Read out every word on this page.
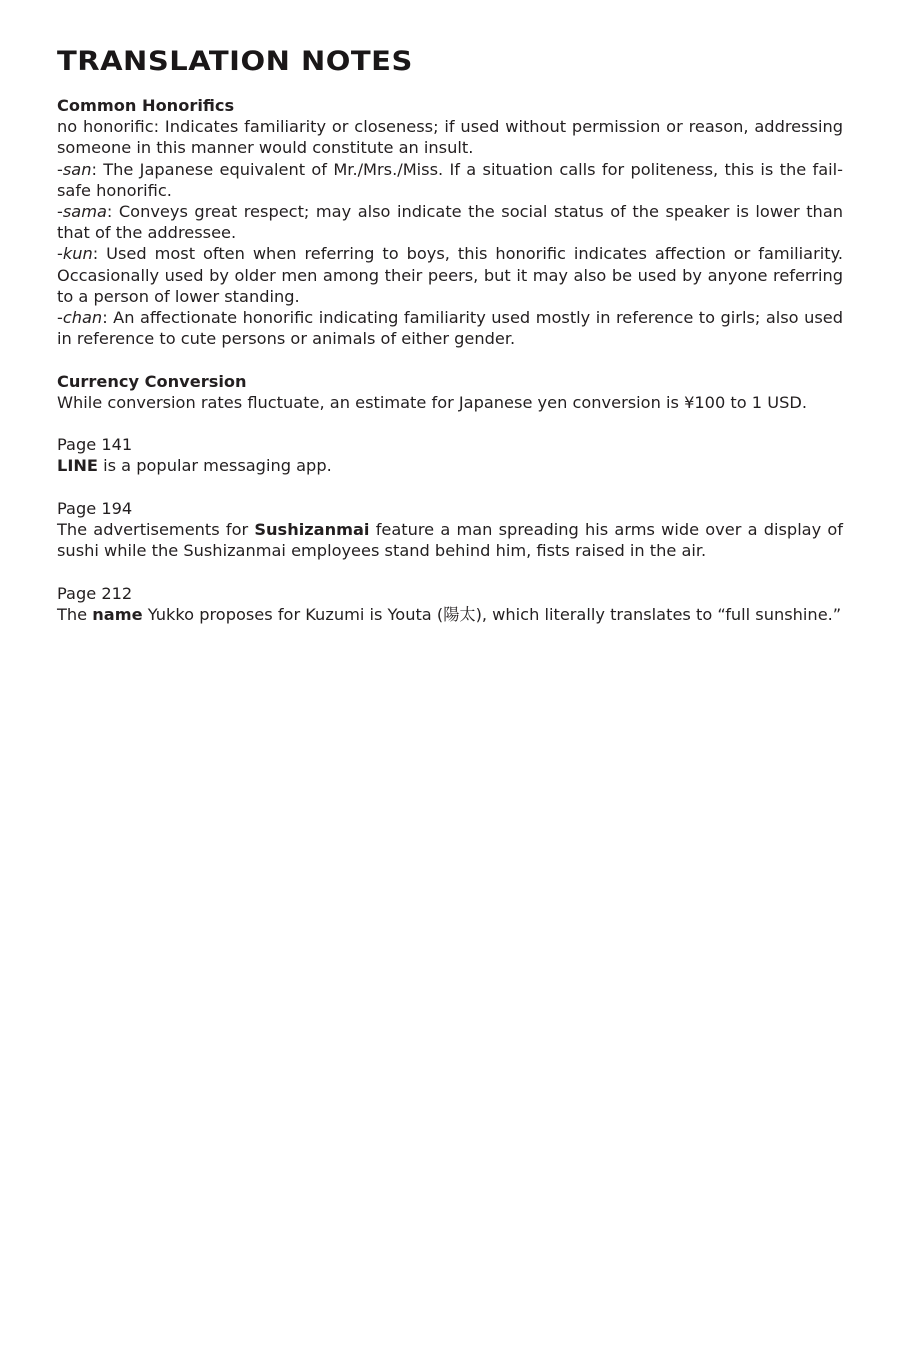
TRANSLATION NOTES
Common Honorifics

no honorific: Indicates familiarity or closeness; if used without permission or reason, addressing someone in this manner would constitute an insult.

-san: The Japanese equivalent of Mr./Mrs./Miss. If a situation calls for politeness, this is the fail-safe honorific.

-sama: Conveys great respect; may also indicate the social status of the speaker is lower than that of the addressee.

-kun: Used most often when referring to boys, this honorific indicates affection or familiarity. Occasionally used by older men among their peers, but it may also be used by anyone referring to a person of lower standing.

-chan: An affectionate honorific indicating familiarity used mostly in reference to girls; also used in reference to cute persons or animals of either gender.

Currency Conversion

While conversion rates fluctuate, an estimate for Japanese yen conversion is ¥100 to 1 USD.

Page 141

LINE is a popular messaging app.

Page 194

The advertisements for Sushizanmai feature a man spreading his arms wide over a display of sushi while the Sushizanmai employees stand behind him, fists raised in the air.

Page 212

The name Yukko proposes for Kuzumi is Youta (陽太), which literally translates to “full sunshine.”
